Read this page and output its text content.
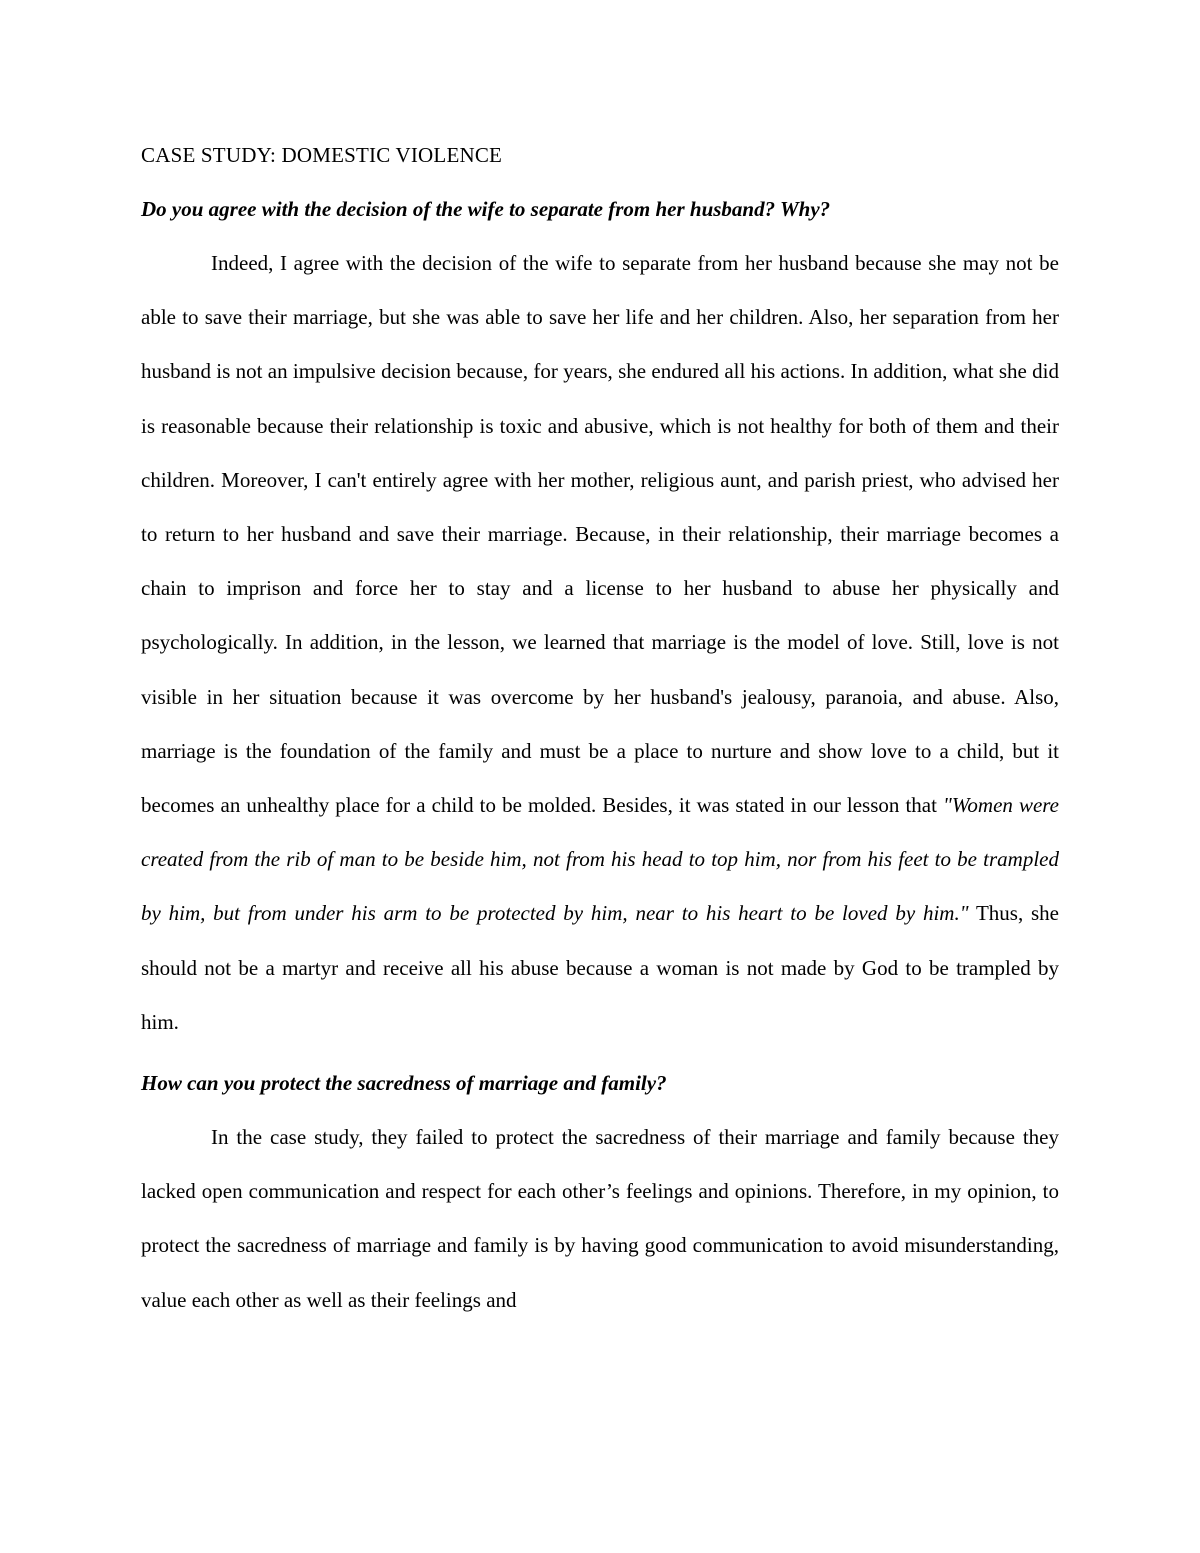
CASE STUDY: DOMESTIC VIOLENCE

Do you agree with the decision of the wife to separate from her husband? Why?

Indeed, I agree with the decision of the wife to separate from her husband because she may not be able to save their marriage, but she was able to save her life and her children. Also, her separation from her husband is not an impulsive decision because, for years, she endured all his actions. In addition, what she did is reasonable because their relationship is toxic and abusive, which is not healthy for both of them and their children. Moreover, I can't entirely agree with her mother, religious aunt, and parish priest, who advised her to return to her husband and save their marriage. Because, in their relationship, their marriage becomes a chain to imprison and force her to stay and a license to her husband to abuse her physically and psychologically. In addition, in the lesson, we learned that marriage is the model of love. Still, love is not visible in her situation because it was overcome by her husband's jealousy, paranoia, and abuse. Also, marriage is the foundation of the family and must be a place to nurture and show love to a child, but it becomes an unhealthy place for a child to be molded. Besides, it was stated in our lesson that "Women were created from the rib of man to be beside him, not from his head to top him, nor from his feet to be trampled by him, but from under his arm to be protected by him, near to his heart to be loved by him." Thus, she should not be a martyr and receive all his abuse because a woman is not made by God to be trampled by him.

How can you protect the sacredness of marriage and family?

In the case study, they failed to protect the sacredness of their marriage and family because they lacked open communication and respect for each other’s feelings and opinions. Therefore, in my opinion, to protect the sacredness of marriage and family is by having good communication to avoid misunderstanding, value each other as well as their feelings and
